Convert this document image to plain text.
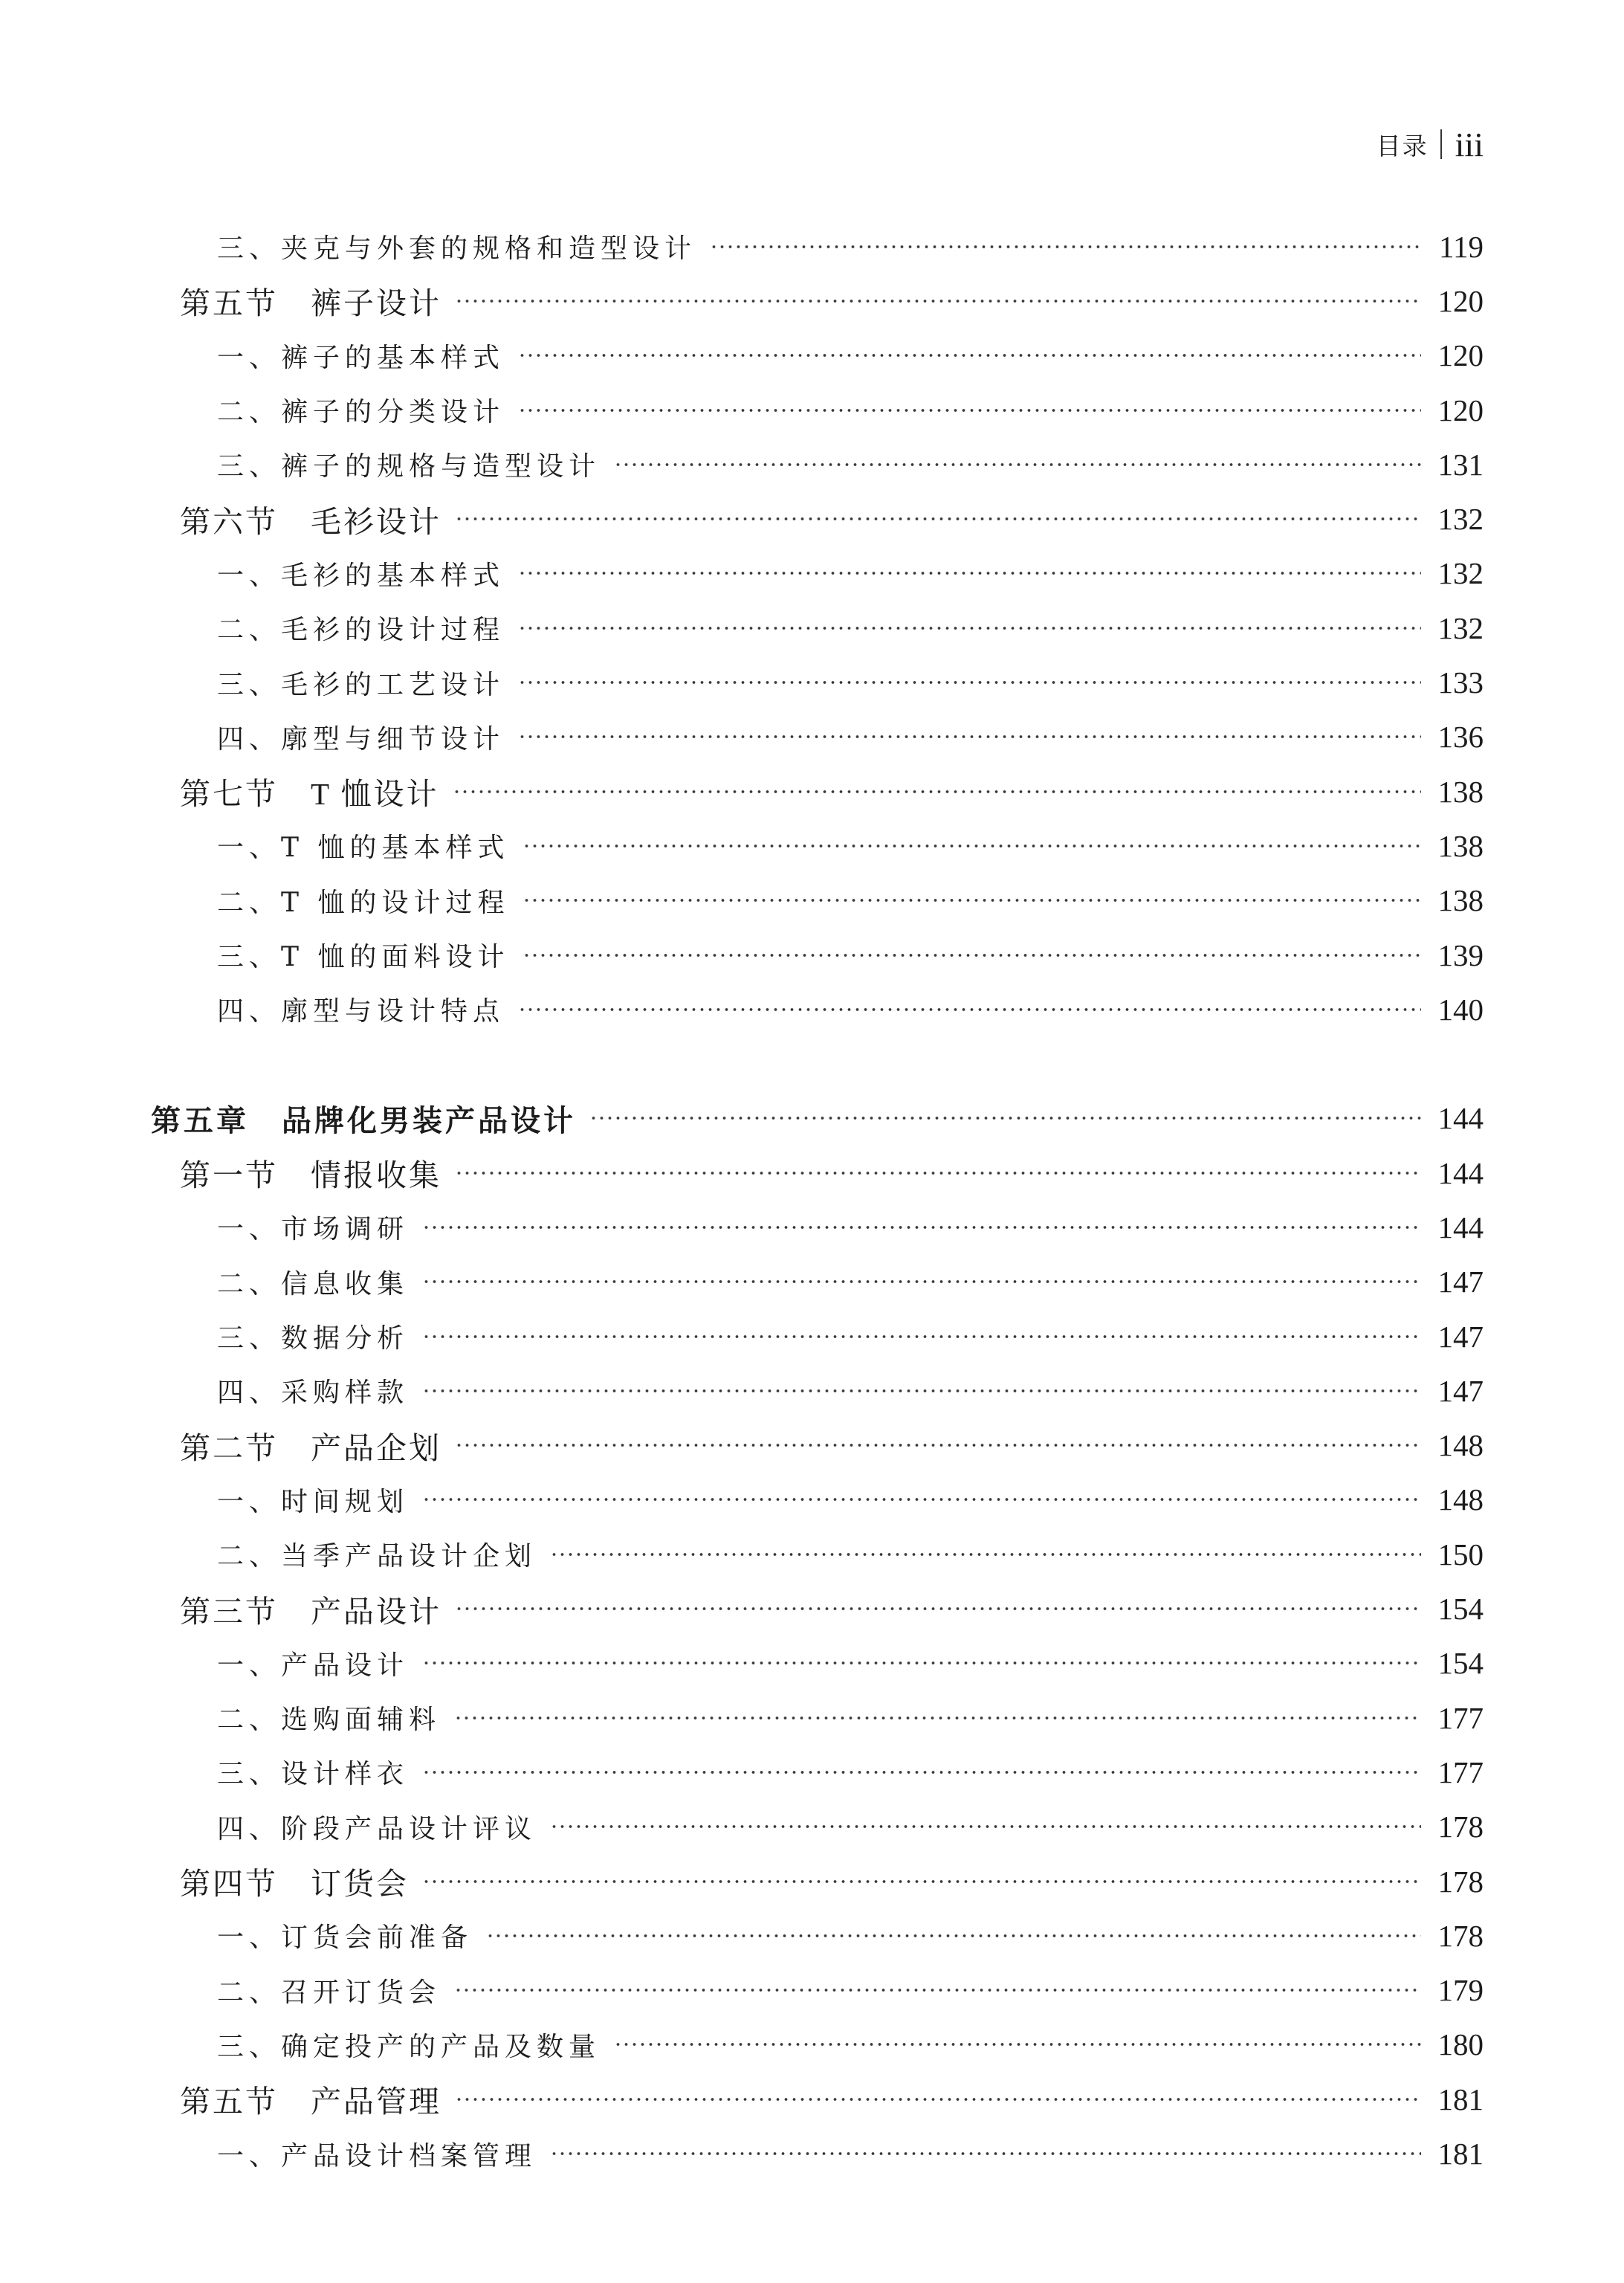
目录 iii
三、夹克与外套的规格和造型设计	119
第五节　裤子设计	120
一、裤子的基本样式	120
二、裤子的分类设计	120
三、裤子的规格与造型设计	131
第六节　毛衫设计	132
一、毛衫的基本样式	132
二、毛衫的设计过程	132
三、毛衫的工艺设计	133
四、廓型与细节设计	136
第七节　T 恤设计	138
一、T 恤的基本样式	138
二、T 恤的设计过程	138
三、T 恤的面料设计	139
四、廓型与设计特点	140
第五章　品牌化男装产品设计	144
第一节　情报收集	144
一、市场调研	144
二、信息收集	147
三、数据分析	147
四、采购样款	147
第二节　产品企划	148
一、时间规划	148
二、当季产品设计企划	150
第三节　产品设计	154
一、产品设计	154
二、选购面辅料	177
三、设计样衣	177
四、阶段产品设计评议	178
第四节　订货会	178
一、订货会前准备	178
二、召开订货会	179
三、确定投产的产品及数量	180
第五节　产品管理	181
一、产品设计档案管理	181
